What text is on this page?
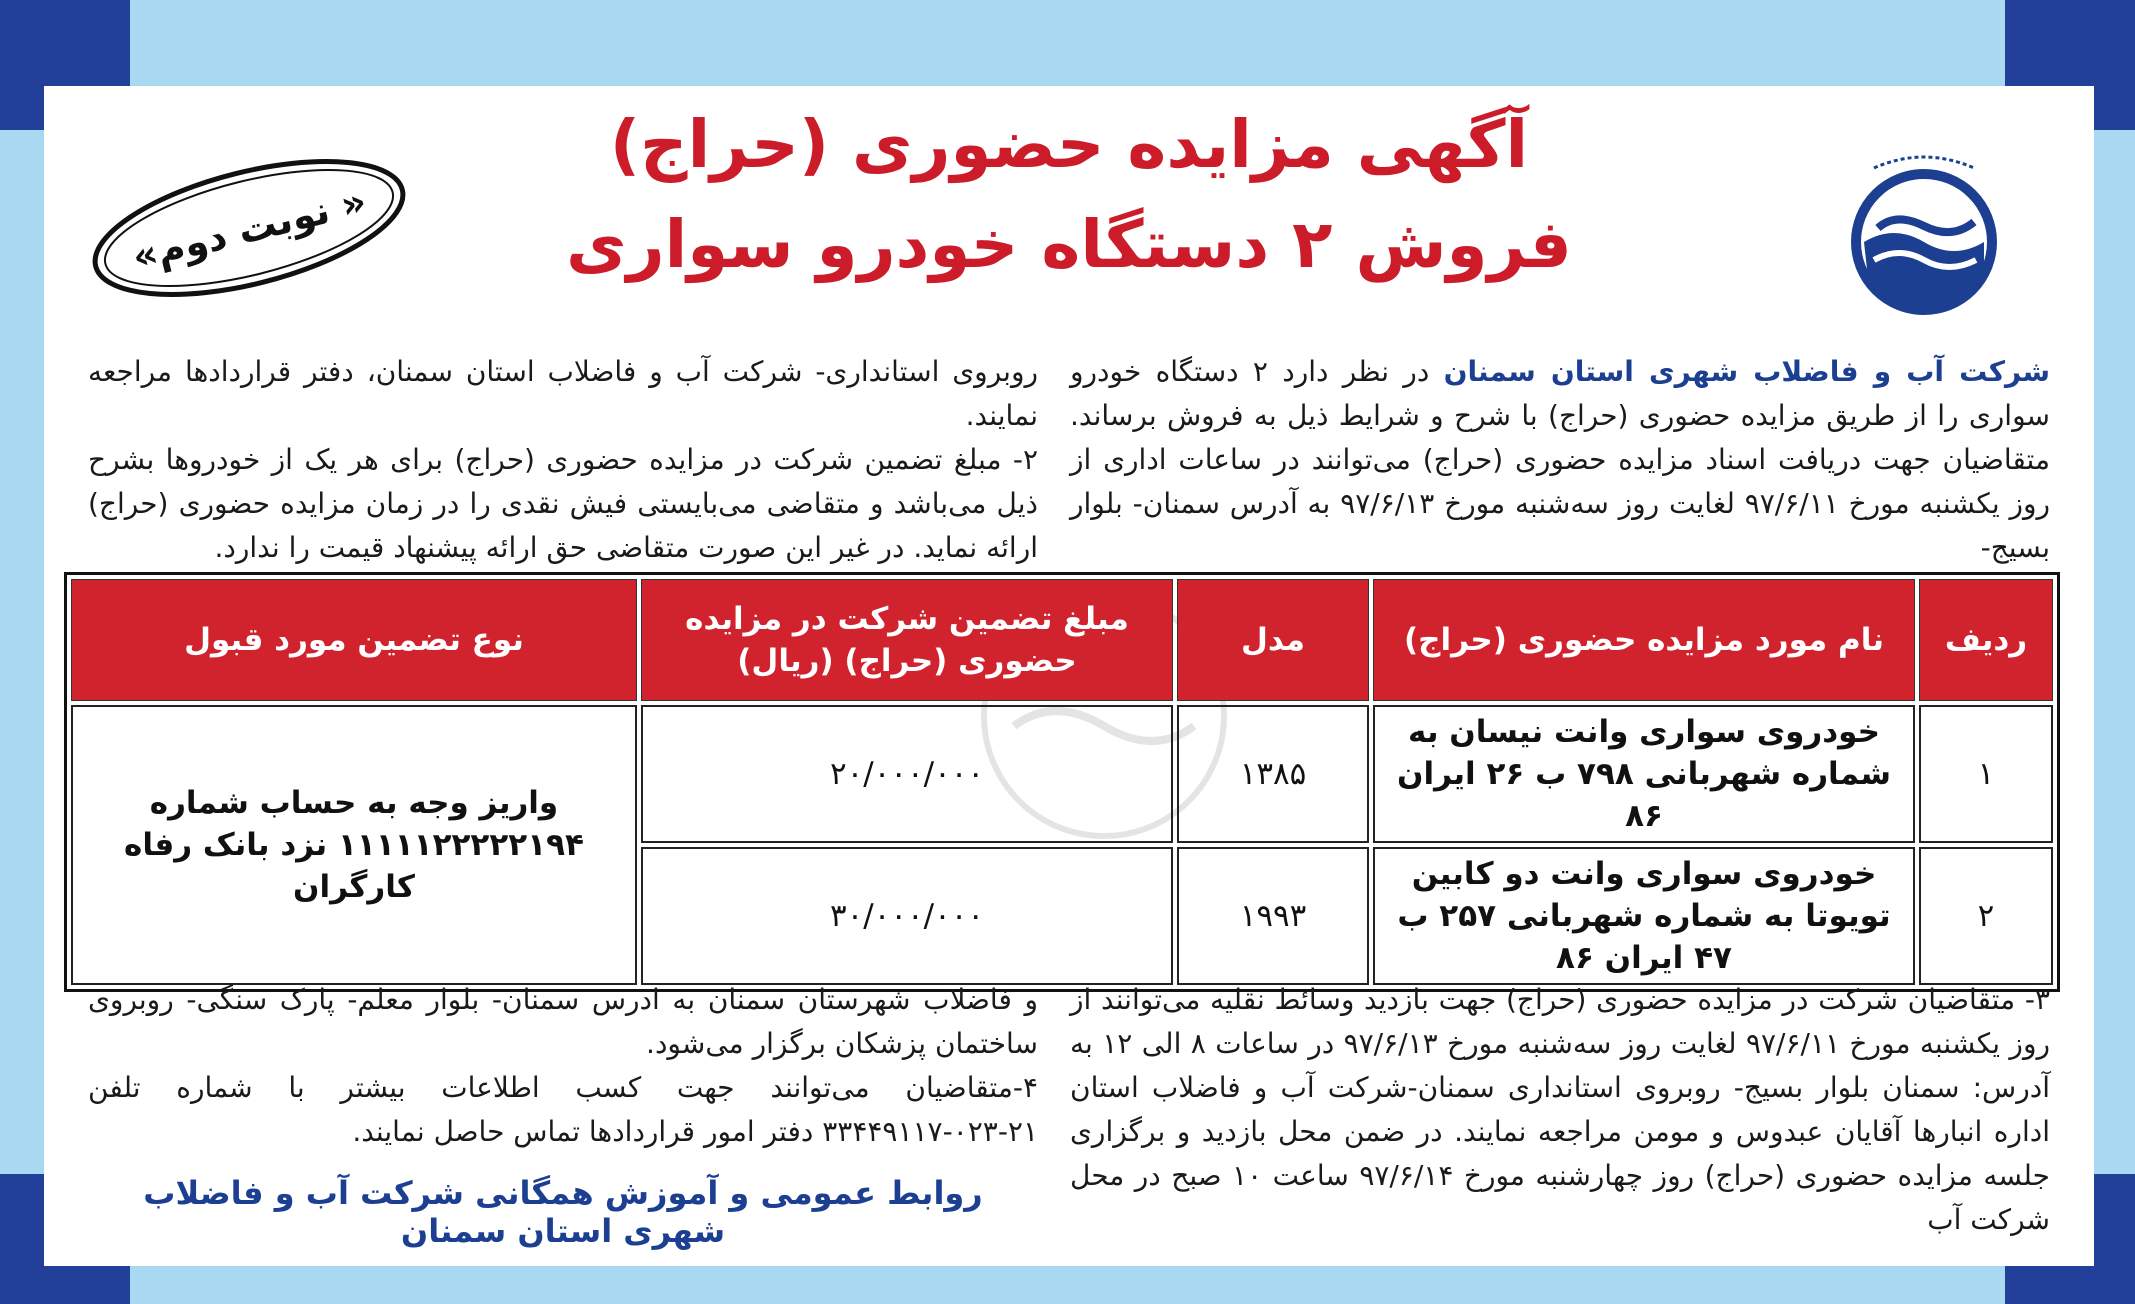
آگهی مزایده حضوری (حراج)
فروش ۲ دستگاه خودرو سواری
« نوبت دوم»
شرکت آب و فاضلاب شهری استان سمنان در نظر دارد ۲ دستگاه خودرو سواری را از طریق مزایده حضوری (حراج) با شرح و شرایط ذیل به فروش برساند. متقاضیان جهت دریافت اسناد مزایده حضوری (حراج) می‌توانند در ساعات اداری از روز یکشنبه مورخ ۹۷/۶/۱۱ لغایت روز سه‌شنبه مورخ ۹۷/۶/۱۳ به آدرس سمنان- بلوار بسیج-
روبروی استانداری- شرکت آب و فاضلاب استان سمنان، دفتر قراردادها مراجعه نمایند.
۲- مبلغ تضمین شرکت در مزایده حضوری (حراج) برای هر یک از خودروها بشرح ذیل می‌باشد و متقاضی می‌بایستی فیش نقدی را در زمان مزایده حضوری (حراج) ارائه نماید. در غیر این صورت متقاضی حق ارائه پیشنهاد قیمت را ندارد.
ردیف	نام مورد مزایده حضوری (حراج)	مدل	مبلغ تضمین شرکت در مزایده حضوری (حراج) (ریال)	نوع تضمین مورد قبول
۱	خودروی سواری وانت نیسان به شماره شهربانی ۷۹۸ ب ۲۶ ایران ۸۶	۱۳۸۵	۲۰/۰۰۰/۰۰۰	واریز وجه به حساب شماره ۱۱۱۱۱۲۲۲۲۲۱۹۴ نزد بانک رفاه کارگران
۲	خودروی سواری وانت دو کابین تویوتا به شماره شهربانی ۲۵۷ ب ۴۷ ایران ۸۶	۱۹۹۳	۳۰/۰۰۰/۰۰۰	
۳- متقاضیان شرکت در مزایده حضوری (حراج) جهت بازدید وسائط نقلیه می‌توانند از روز یکشنبه مورخ ۹۷/۶/۱۱ لغایت روز سه‌شنبه مورخ ۹۷/۶/۱۳ در ساعات ۸ الی ۱۲ به آدرس: سمنان بلوار بسیج- روبروی استانداری سمنان-شرکت آب و فاضلاب استان اداره انبارها آقایان عبدوس و مومن مراجعه نمایند. در ضمن محل بازدید و برگزاری جلسه مزایده حضوری (حراج) روز چهارشنبه مورخ ۹۷/۶/۱۴ ساعت ۱۰ صبح در محل شرکت آب
و فاضلاب شهرستان سمنان به ادرس سمنان- بلوار معلم- پارک سنگی- روبروی ساختمان پزشکان برگزار می‌شود.
۴-متقاضیان می‌توانند جهت کسب اطلاعات بیشتر با شماره تلفن ۲۱-۰۲۳-۳۳۴۴۹۱۱۷ دفتر امور قراردادها تماس حاصل نمایند.
روابط عمومی و آموزش همگانی شرکت آب و فاضلاب شهری استان سمنان
